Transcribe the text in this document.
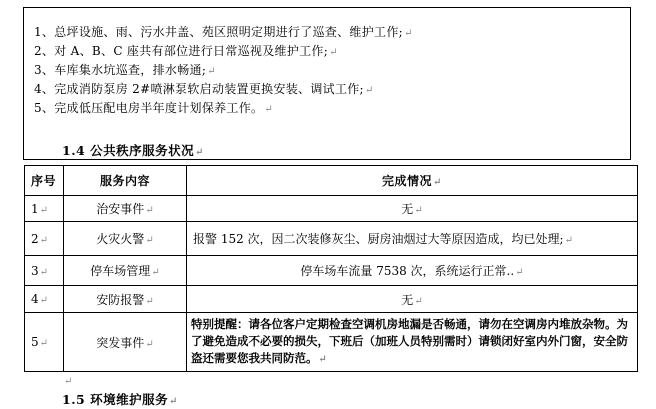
1、总坪设施、雨、污水井盖、苑区照明定期进行了巡查、维护工作;↵
2、对 A、B、C 座共有部位进行日常巡视及维护工作;↵
3、车库集水坑巡查，排水畅通;↵
4、完成消防泵房 2#喷淋泵软启动装置更换安装、调试工作;↵
5、完成低压配电房半年度计划保养工作。↵
1.4 公共秩序服务状况↵
序号	服务内容	完成情况↵
1↵	治安事件↵	无↵
2↵	火灾火警↵	报警 152 次，因二次装修灰尘、厨房油烟过大等原因造成，均已处理;↵
3↵	停车场管理↵	停车场车流量 7538 次，系统运行正常..↵
4↵	安防报警↵	无↵
5↵	突发事件↵	特别提醒：请各位客户定期检查空调机房地漏是否畅通，请勿在空调房内堆放杂物。为了避免造成不必要的损失，下班后（加班人员特别需时）请锁闭好室内外门窗，安全防盗还需要您我共同防范。↵
↵
1.5 环境维护服务↵
